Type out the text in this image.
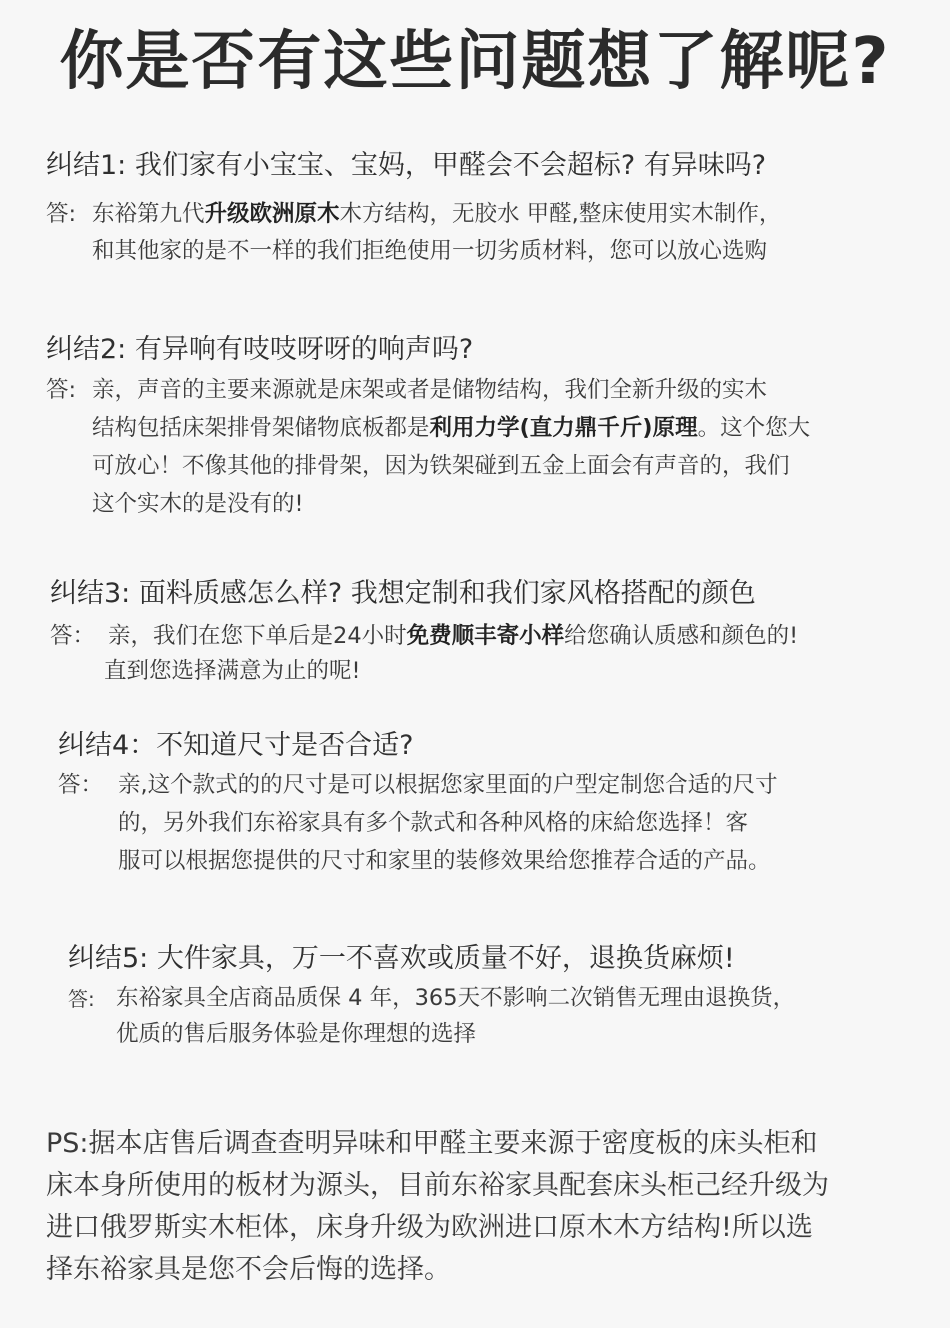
你是否有这些问题想了解呢?
纠结1: 我们家有小宝宝、宝妈，甲醛会不会超标? 有异味吗?
答: 东裕第九代升级欧洲原木木方结构，无胶水 甲醛,整床使用实木制作，
和其他家的是不一样的我们拒绝使用一切劣质材料，您可以放心选购
纠结2: 有异响有吱吱呀呀的响声吗?
答: 亲，声音的主要来源就是床架或者是储物结构，我们全新升级的实木
结构包括床架排骨架储物底板都是利用力学(直力鼎千斤)原理。这个您大
可放心！不像其他的排骨架，因为铁架碰到五金上面会有声音的，我们
这个实木的是没有的!
纠结3: 面料质感怎么样? 我想定制和我们家风格搭配的颜色
答： 亲，我们在您下单后是24小时免费顺丰寄小样给您确认质感和颜色的!
直到您选择满意为止的呢!
纠结4：不知道尺寸是否合适?
答： 亲,这个款式的的尺寸是可以根据您家里面的户型定制您合适的尺寸
的，另外我们东裕家具有多个款式和各种风格的床給您选择！客
服可以根据您提供的尺寸和家里的装修效果给您推荐合适的产品。
纠结5: 大件家具，万一不喜欢或质量不好，退换货麻烦!
答: 东裕家具全店商品质保 4 年，365天不影响二次销售无理由退换货，
优质的售后服务体验是你理想的选择
PS:据本店售后调查查明异味和甲醛主要来源于密度板的床头柜和
床本身所使用的板材为源头，目前东裕家具配套床头柜己经升级为
进口俄罗斯实木柜体，床身升级为欧洲进口原木木方结构!所以选
择东裕家具是您不会后悔的选择。
